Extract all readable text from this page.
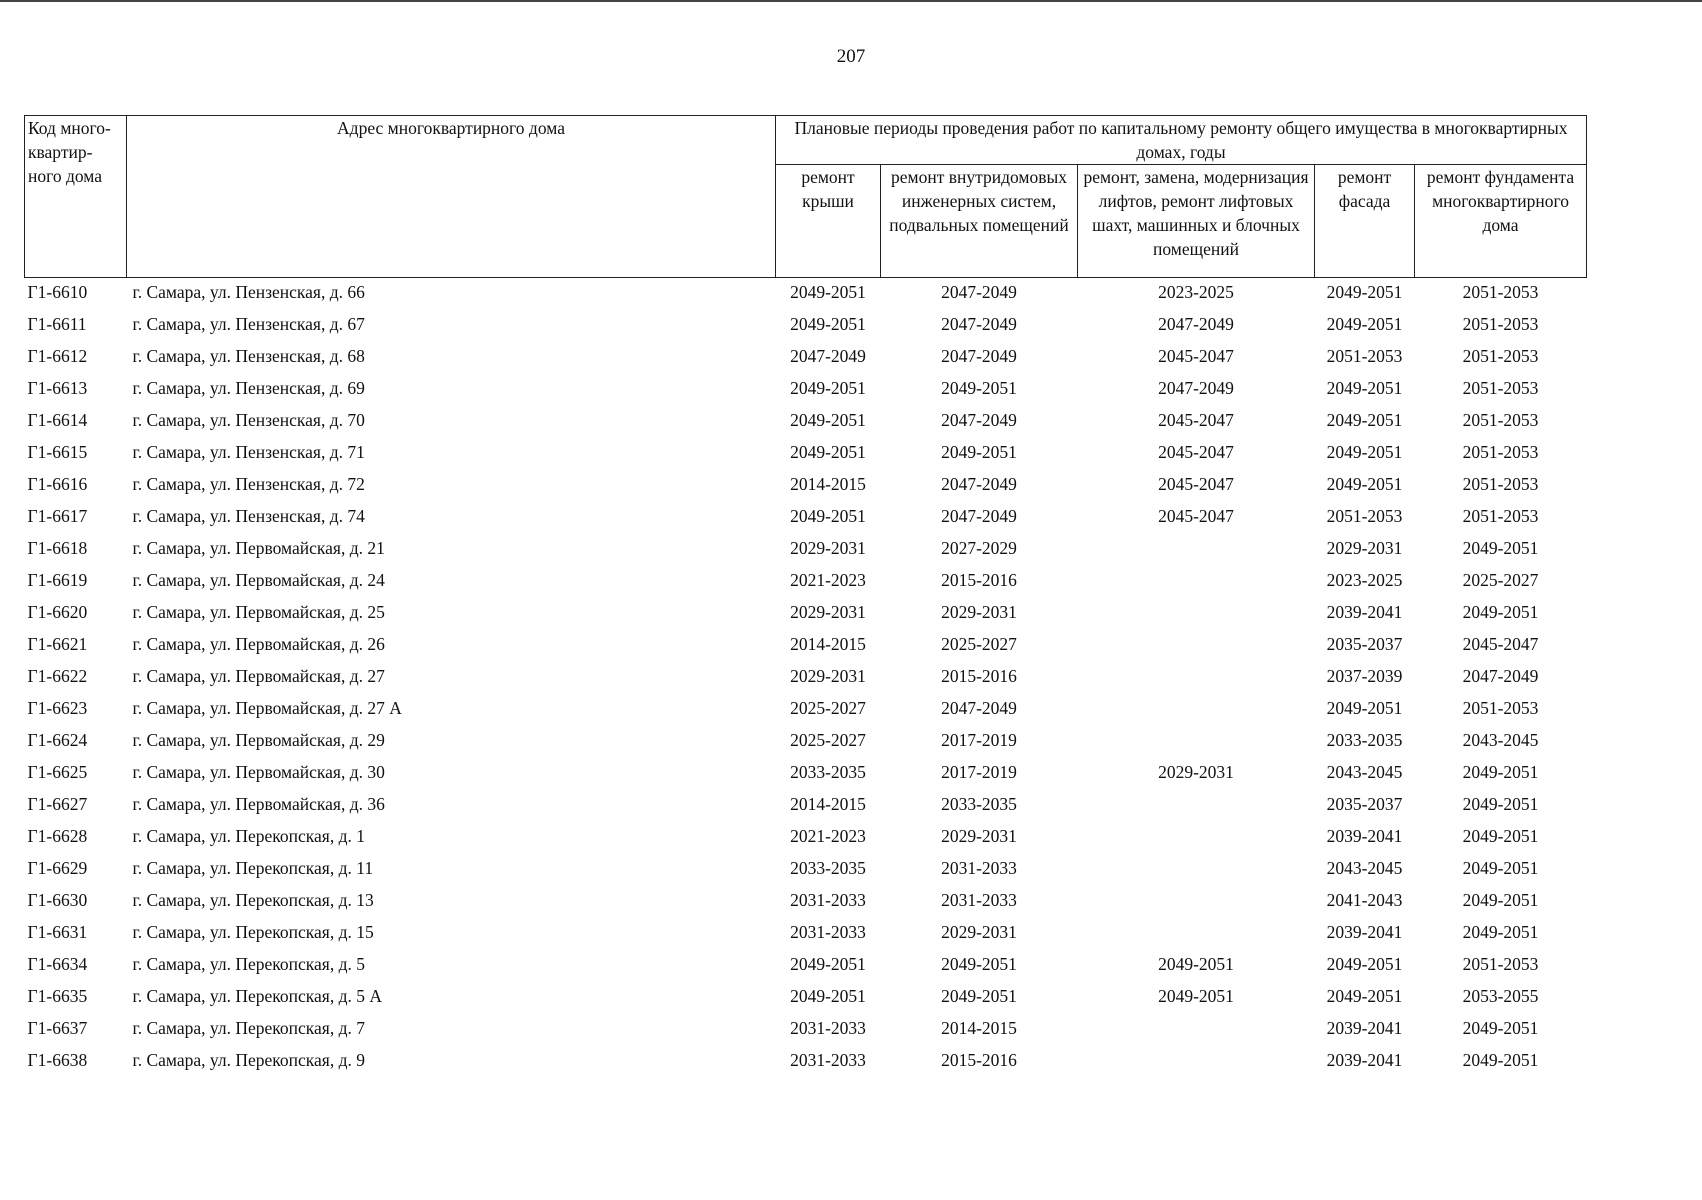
207
Код много-квартир-ного дома	Адрес многоквартирного дома	Плановые периоды проведения работ по капитальному ремонту общего имущества в многоквартирных домах, годы				
		ремонт крыши	ремонт внутридомовых инженерных систем, подвальных помещений	ремонт, замена, модернизация лифтов, ремонт лифтовых шахт, машинных и блочных помещений	ремонт фасада	ремонт фундамента многоквартирного дома
Г1-6610	г. Самара, ул. Пензенская, д. 66	2049-2051	2047-2049	2023-2025	2049-2051	2051-2053
Г1-6611	г. Самара, ул. Пензенская, д. 67	2049-2051	2047-2049	2047-2049	2049-2051	2051-2053
Г1-6612	г. Самара, ул. Пензенская, д. 68	2047-2049	2047-2049	2045-2047	2051-2053	2051-2053
Г1-6613	г. Самара, ул. Пензенская, д. 69	2049-2051	2049-2051	2047-2049	2049-2051	2051-2053
Г1-6614	г. Самара, ул. Пензенская, д. 70	2049-2051	2047-2049	2045-2047	2049-2051	2051-2053
Г1-6615	г. Самара, ул. Пензенская, д. 71	2049-2051	2049-2051	2045-2047	2049-2051	2051-2053
Г1-6616	г. Самара, ул. Пензенская, д. 72	2014-2015	2047-2049	2045-2047	2049-2051	2051-2053
Г1-6617	г. Самара, ул. Пензенская, д. 74	2049-2051	2047-2049	2045-2047	2051-2053	2051-2053
Г1-6618	г. Самара, ул. Первомайская, д. 21	2029-2031	2027-2029		2029-2031	2049-2051
Г1-6619	г. Самара, ул. Первомайская, д. 24	2021-2023	2015-2016		2023-2025	2025-2027
Г1-6620	г. Самара, ул. Первомайская, д. 25	2029-2031	2029-2031		2039-2041	2049-2051
Г1-6621	г. Самара, ул. Первомайская, д. 26	2014-2015	2025-2027		2035-2037	2045-2047
Г1-6622	г. Самара, ул. Первомайская, д. 27	2029-2031	2015-2016		2037-2039	2047-2049
Г1-6623	г. Самара, ул. Первомайская, д. 27 А	2025-2027	2047-2049		2049-2051	2051-2053
Г1-6624	г. Самара, ул. Первомайская, д. 29	2025-2027	2017-2019		2033-2035	2043-2045
Г1-6625	г. Самара, ул. Первомайская, д. 30	2033-2035	2017-2019	2029-2031	2043-2045	2049-2051
Г1-6627	г. Самара, ул. Первомайская, д. 36	2014-2015	2033-2035		2035-2037	2049-2051
Г1-6628	г. Самара, ул. Перекопская, д. 1	2021-2023	2029-2031		2039-2041	2049-2051
Г1-6629	г. Самара, ул. Перекопская, д. 11	2033-2035	2031-2033		2043-2045	2049-2051
Г1-6630	г. Самара, ул. Перекопская, д. 13	2031-2033	2031-2033		2041-2043	2049-2051
Г1-6631	г. Самара, ул. Перекопская, д. 15	2031-2033	2029-2031		2039-2041	2049-2051
Г1-6634	г. Самара, ул. Перекопская, д. 5	2049-2051	2049-2051	2049-2051	2049-2051	2051-2053
Г1-6635	г. Самара, ул. Перекопская, д. 5 А	2049-2051	2049-2051	2049-2051	2049-2051	2053-2055
Г1-6637	г. Самара, ул. Перекопская, д. 7	2031-2033	2014-2015		2039-2041	2049-2051
Г1-6638	г. Самара, ул. Перекопская, д. 9	2031-2033	2015-2016		2039-2041	2049-2051
